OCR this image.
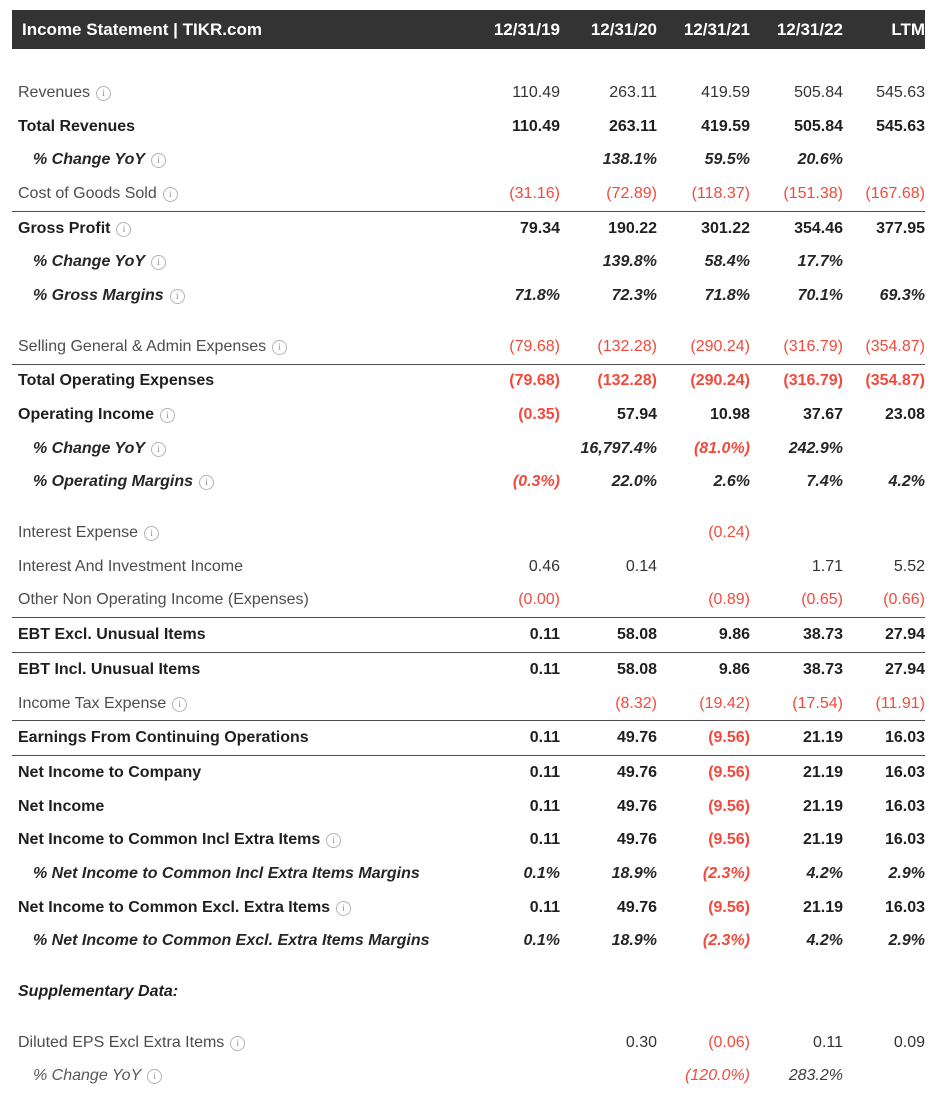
Income Statement | TIKR.com	12/31/19	12/31/20	12/31/21	12/31/22	LTM
Revenues i	110.49	263.11	419.59	505.84	545.63
Total Revenues	110.49	263.11	419.59	505.84	545.63
% Change YoY i		138.1%	59.5%	20.6%	
Cost of Goods Sold i	(31.16)	(72.89)	(118.37)	(151.38)	(167.68)
Gross Profit i	79.34	190.22	301.22	354.46	377.95
% Change YoY i		139.8%	58.4%	17.7%	
% Gross Margins i	71.8%	72.3%	71.8%	70.1%	69.3%
Selling General & Admin Expenses i	(79.68)	(132.28)	(290.24)	(316.79)	(354.87)
Total Operating Expenses	(79.68)	(132.28)	(290.24)	(316.79)	(354.87)
Operating Income i	(0.35)	57.94	10.98	37.67	23.08
% Change YoY i		16,797.4%	(81.0%)	242.9%	
% Operating Margins i	(0.3%)	22.0%	2.6%	7.4%	4.2%
Interest Expense i			(0.24)		
Interest And Investment Income	0.46	0.14		1.71	5.52
Other Non Operating Income (Expenses)	(0.00)		(0.89)	(0.65)	(0.66)
EBT Excl. Unusual Items	0.11	58.08	9.86	38.73	27.94
EBT Incl. Unusual Items	0.11	58.08	9.86	38.73	27.94
Income Tax Expense i		(8.32)	(19.42)	(17.54)	(11.91)
Earnings From Continuing Operations	0.11	49.76	(9.56)	21.19	16.03
Net Income to Company	0.11	49.76	(9.56)	21.19	16.03
Net Income	0.11	49.76	(9.56)	21.19	16.03
Net Income to Common Incl Extra Items i	0.11	49.76	(9.56)	21.19	16.03
% Net Income to Common Incl Extra Items Margins	0.1%	18.9%	(2.3%)	4.2%	2.9%
Net Income to Common Excl. Extra Items i	0.11	49.76	(9.56)	21.19	16.03
% Net Income to Common Excl. Extra Items Margins	0.1%	18.9%	(2.3%)	4.2%	2.9%
Supplementary Data:					
Diluted EPS Excl Extra Items i		0.30	(0.06)	0.11	0.09
% Change YoY i			(120.0%)	283.2%	
